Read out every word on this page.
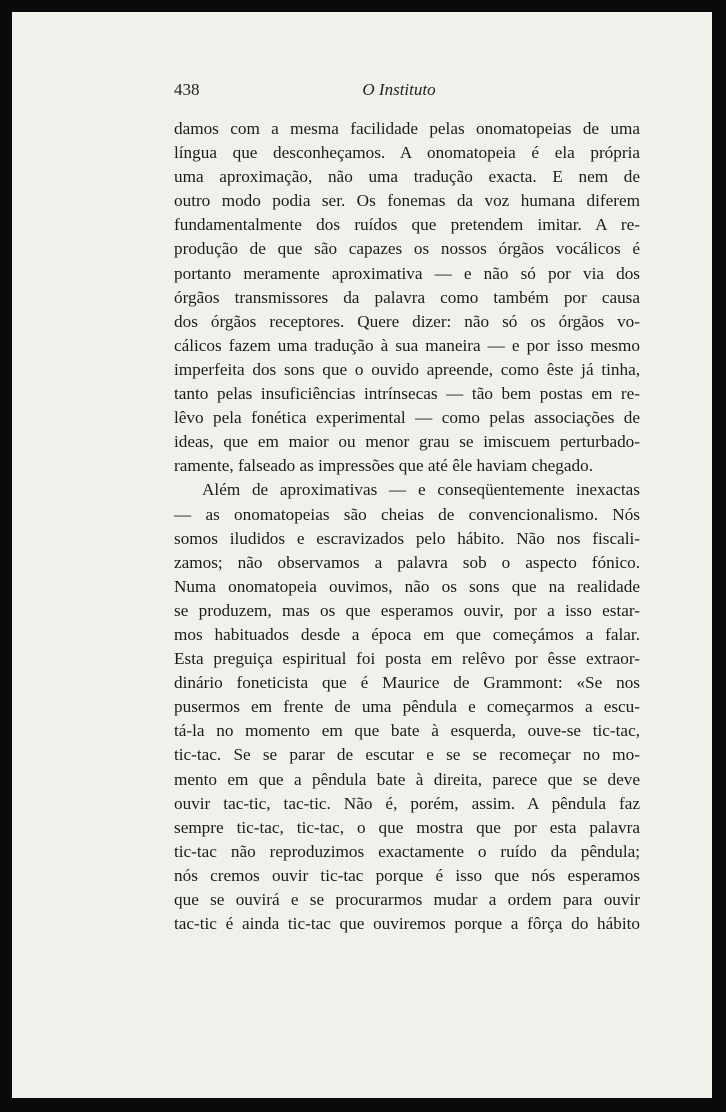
438	O Instituto
damos com a mesma facilidade pelas onomatopeias de uma
língua que desconheçamos. A onomatopeia é ela própria
uma aproximação, não uma tradução exacta. E nem de
outro modo podia ser. Os fonemas da voz humana diferem
fundamentalmente dos ruídos que pretendem imitar. A re-
produção de que são capazes os nossos órgãos vocálicos é
portanto meramente aproximativa — e não só por via dos
órgãos transmissores da palavra como também por causa
dos órgãos receptores. Quere dizer: não só os órgãos vo-
cálicos fazem uma tradução à sua maneira — e por isso mesmo
imperfeita dos sons que o ouvido apreende, como êste já tinha,
tanto pelas insuficiências intrínsecas — tão bem postas em re-
lêvo pela fonética experimental — como pelas associações de
ideas, que em maior ou menor grau se imiscuem perturbado-
ramente, falseado as impressões que até êle haviam chegado.
Além de aproximativas — e conseqüentemente inexactas
— as onomatopeias são cheias de convencionalismo. Nós
somos iludidos e escravizados pelo hábito. Não nos fiscali-
zamos; não observamos a palavra sob o aspecto fónico.
Numa onomatopeia ouvimos, não os sons que na realidade
se produzem, mas os que esperamos ouvir, por a isso estar-
mos habituados desde a época em que começámos a falar.
Esta preguiça espiritual foi posta em relêvo por êsse extraor-
dinário foneticista que é Maurice de Grammont: «Se nos
pusermos em frente de uma pêndula e começarmos a escu-
tá-la no momento em que bate à esquerda, ouve-se tic-tac,
tic-tac. Se se parar de escutar e se se recomeçar no mo-
mento em que a pêndula bate à direita, parece que se deve
ouvir tac-tic, tac-tic. Não é, porém, assim. A pêndula faz
sempre tic-tac, tic-tac, o que mostra que por esta palavra
tic-tac não reproduzimos exactamente o ruído da pêndula;
nós cremos ouvir tic-tac porque é isso que nós esperamos
que se ouvirá e se procurarmos mudar a ordem para ouvir
tac-tic é ainda tic-tac que ouviremos porque a fôrça do hábito
